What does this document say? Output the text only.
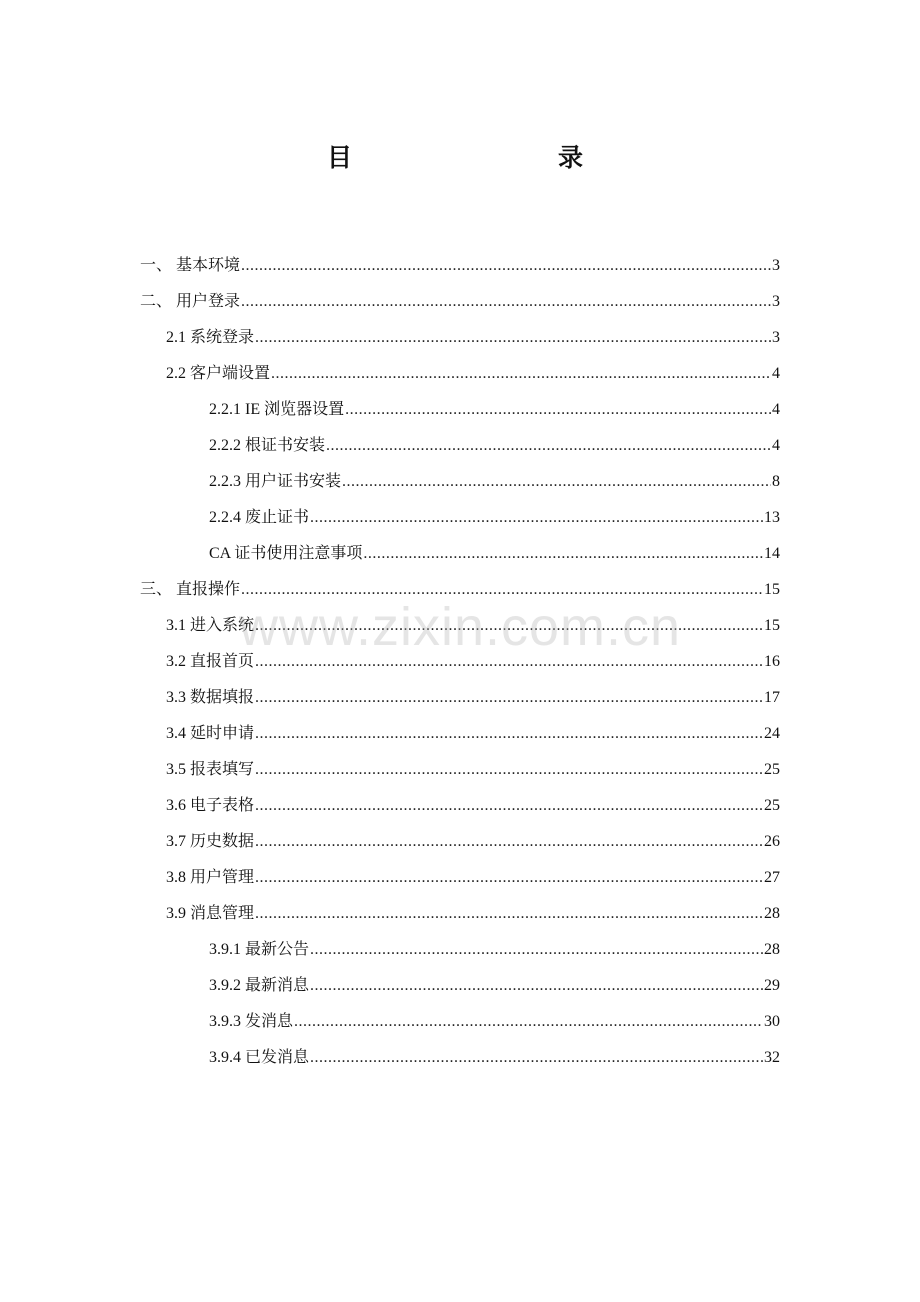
目　　录
一、 基本环境 .....	3
二、 用户登录 .....	3
2.1 系统登录 .....	3
2.2 客户端设置 .....	4
2.2.1 IE 浏览器设置 .....	4
2.2.2 根证书安装 .....	4
2.2.3 用户证书安装 .....	8
2.2.4 废止证书 .....	13
CA 证书使用注意事项 .....	14
三、 直报操作 .....	15
3.1 进入系统 .....	15
3.2 直报首页 .....	16
3.3 数据填报 .....	17
3.4 延时申请 .....	24
3.5 报表填写 .....	25
3.6 电子表格 .....	25
3.7 历史数据 .....	26
3.8 用户管理 .....	27
3.9 消息管理 .....	28
3.9.1 最新公告 .....	28
3.9.2 最新消息 .....	29
3.9.3 发消息 .....	30
3.9.4 已发消息 .....	32
www.zixin.com.cn
